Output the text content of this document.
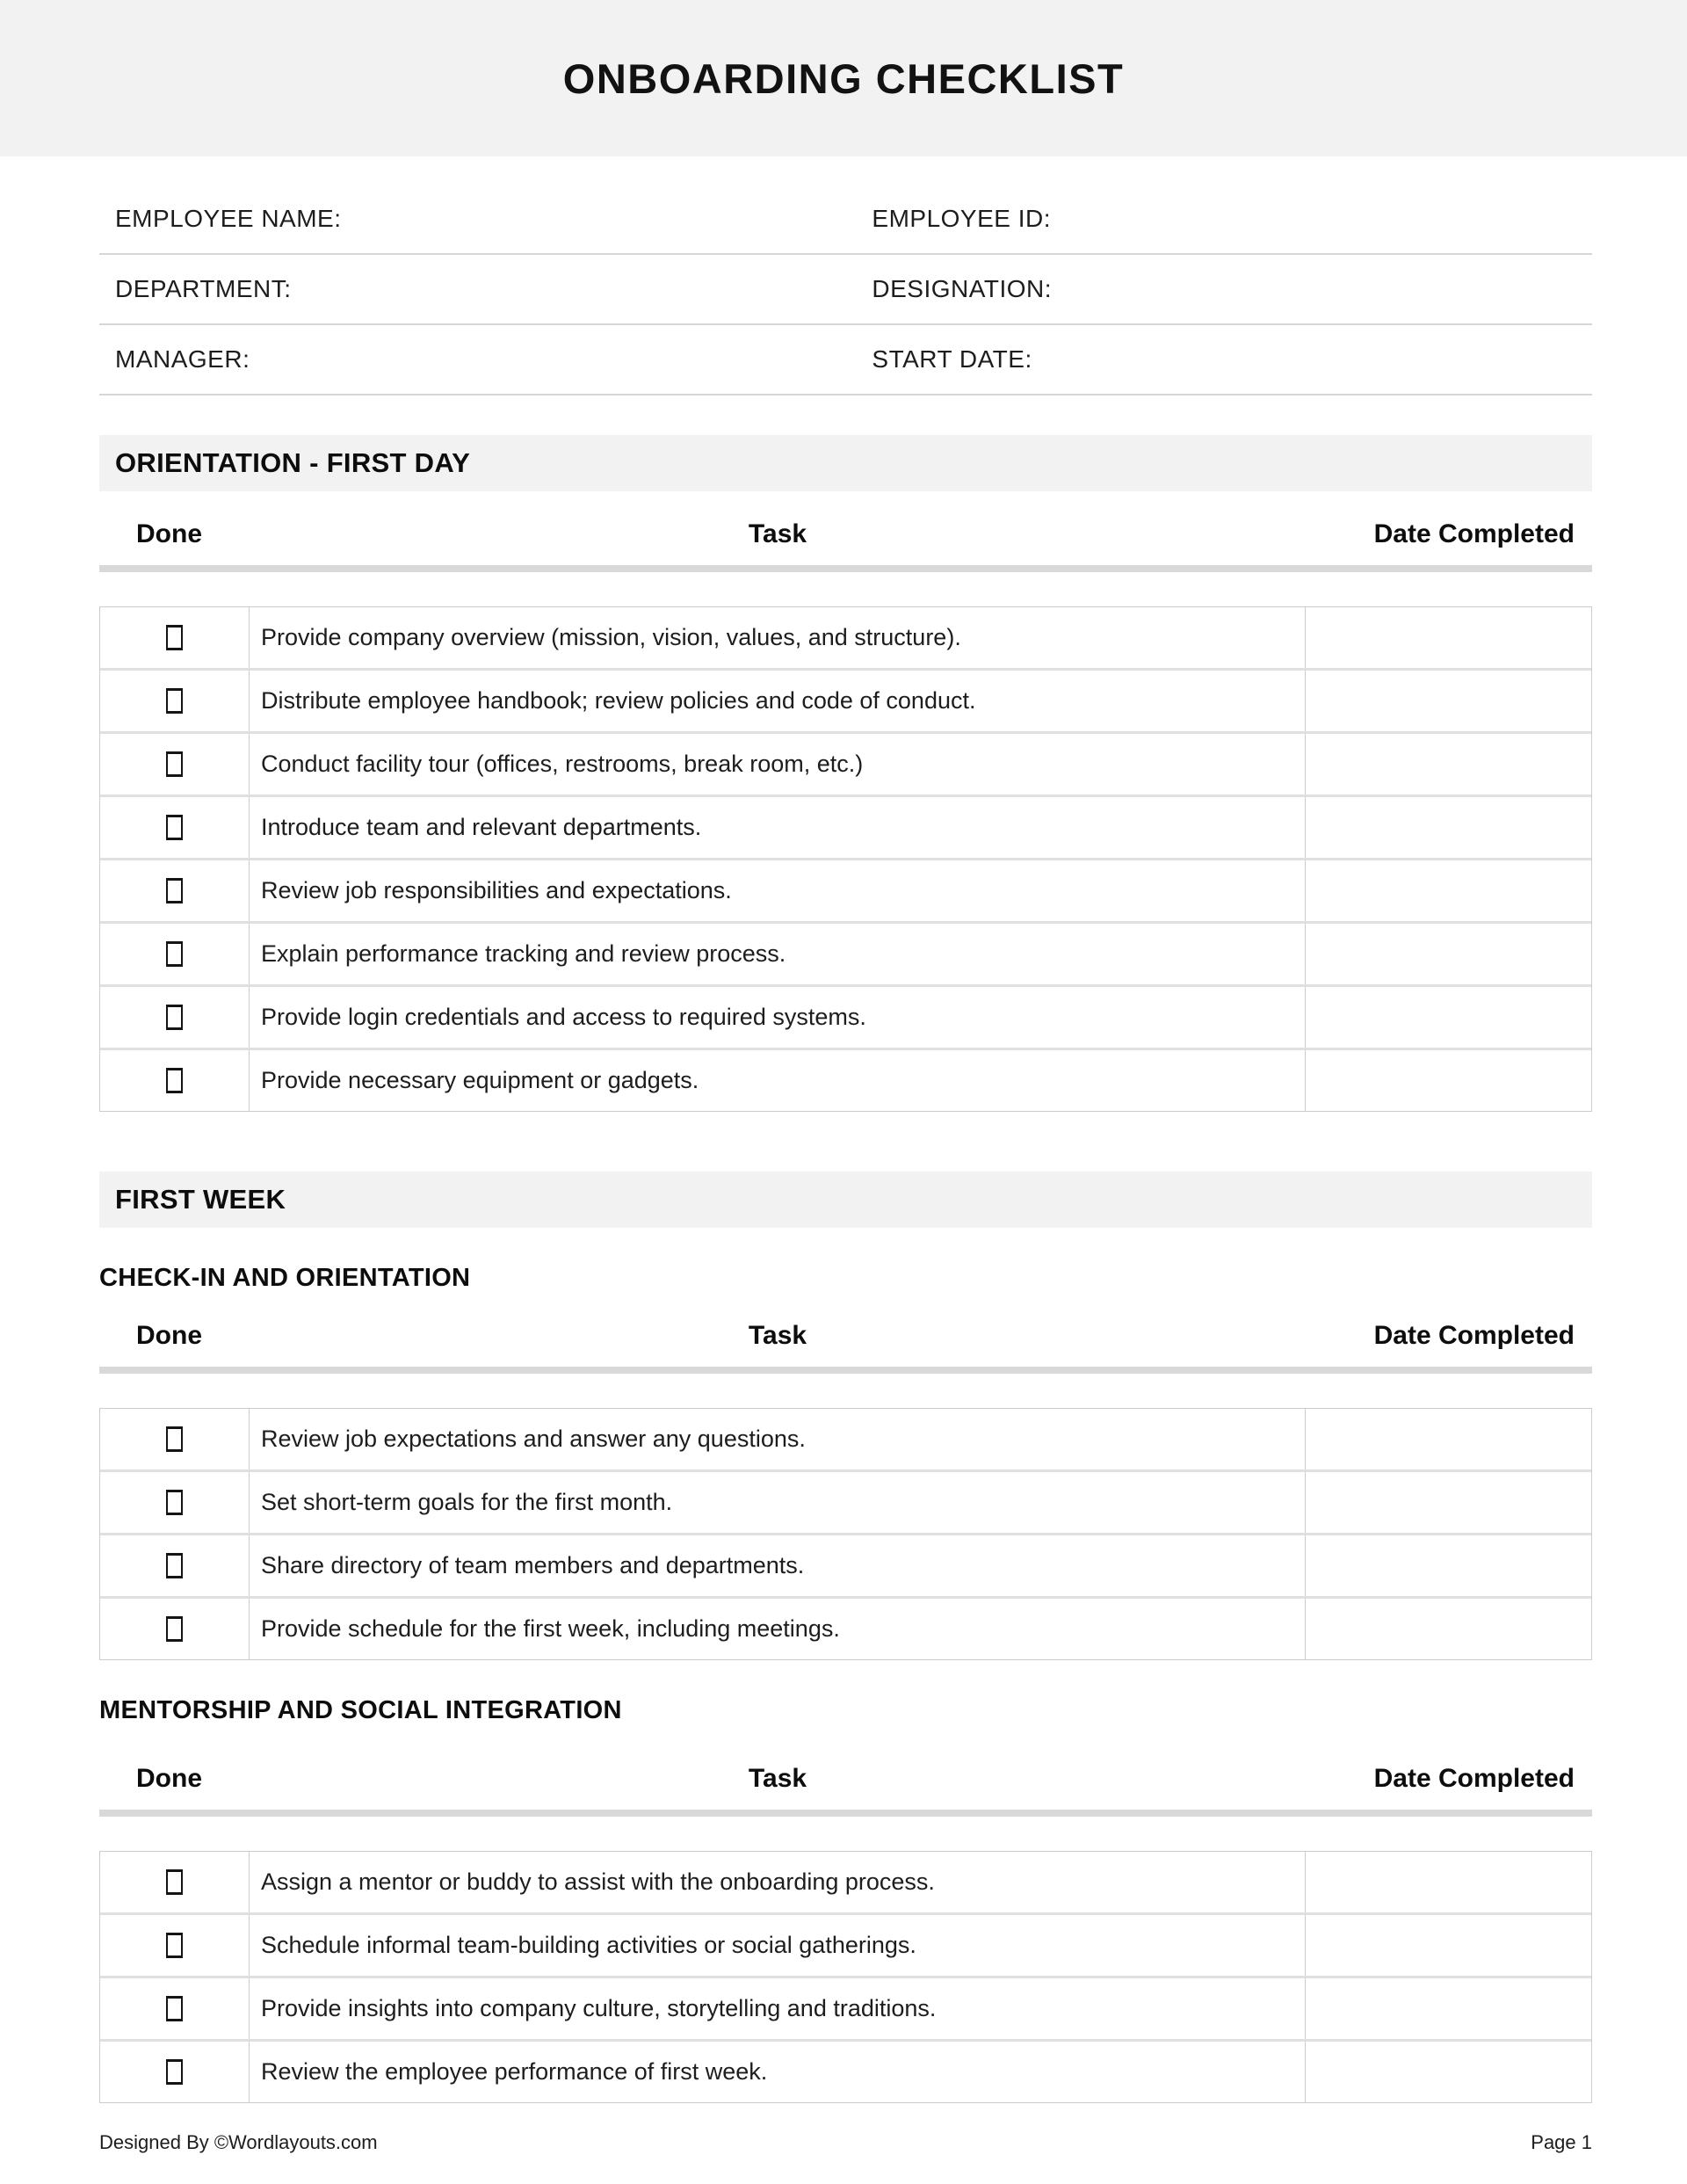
ONBOARDING CHECKLIST
EMPLOYEE NAME:	EMPLOYEE ID:
DEPARTMENT:	DESIGNATION:
MANAGER:	START DATE:
ORIENTATION - FIRST DAY
Done	Task	Date Completed
Provide company overview (mission, vision, values, and structure).
Distribute employee handbook; review policies and code of conduct.
Conduct facility tour (offices, restrooms, break room, etc.)
Introduce team and relevant departments.
Review job responsibilities and expectations.
Explain performance tracking and review process.
Provide login credentials and access to required systems.
Provide necessary equipment or gadgets.
FIRST WEEK
CHECK-IN AND ORIENTATION
Done	Task	Date Completed
Review job expectations and answer any questions.
Set short-term goals for the first month.
Share directory of team members and departments.
Provide schedule for the first week, including meetings.
MENTORSHIP AND SOCIAL INTEGRATION
Done	Task	Date Completed
Assign a mentor or buddy to assist with the onboarding process.
Schedule informal team-building activities or social gatherings.
Provide insights into company culture, storytelling and traditions.
Review the employee performance of first week.
Designed By ©Wordlayouts.com	Page 1
